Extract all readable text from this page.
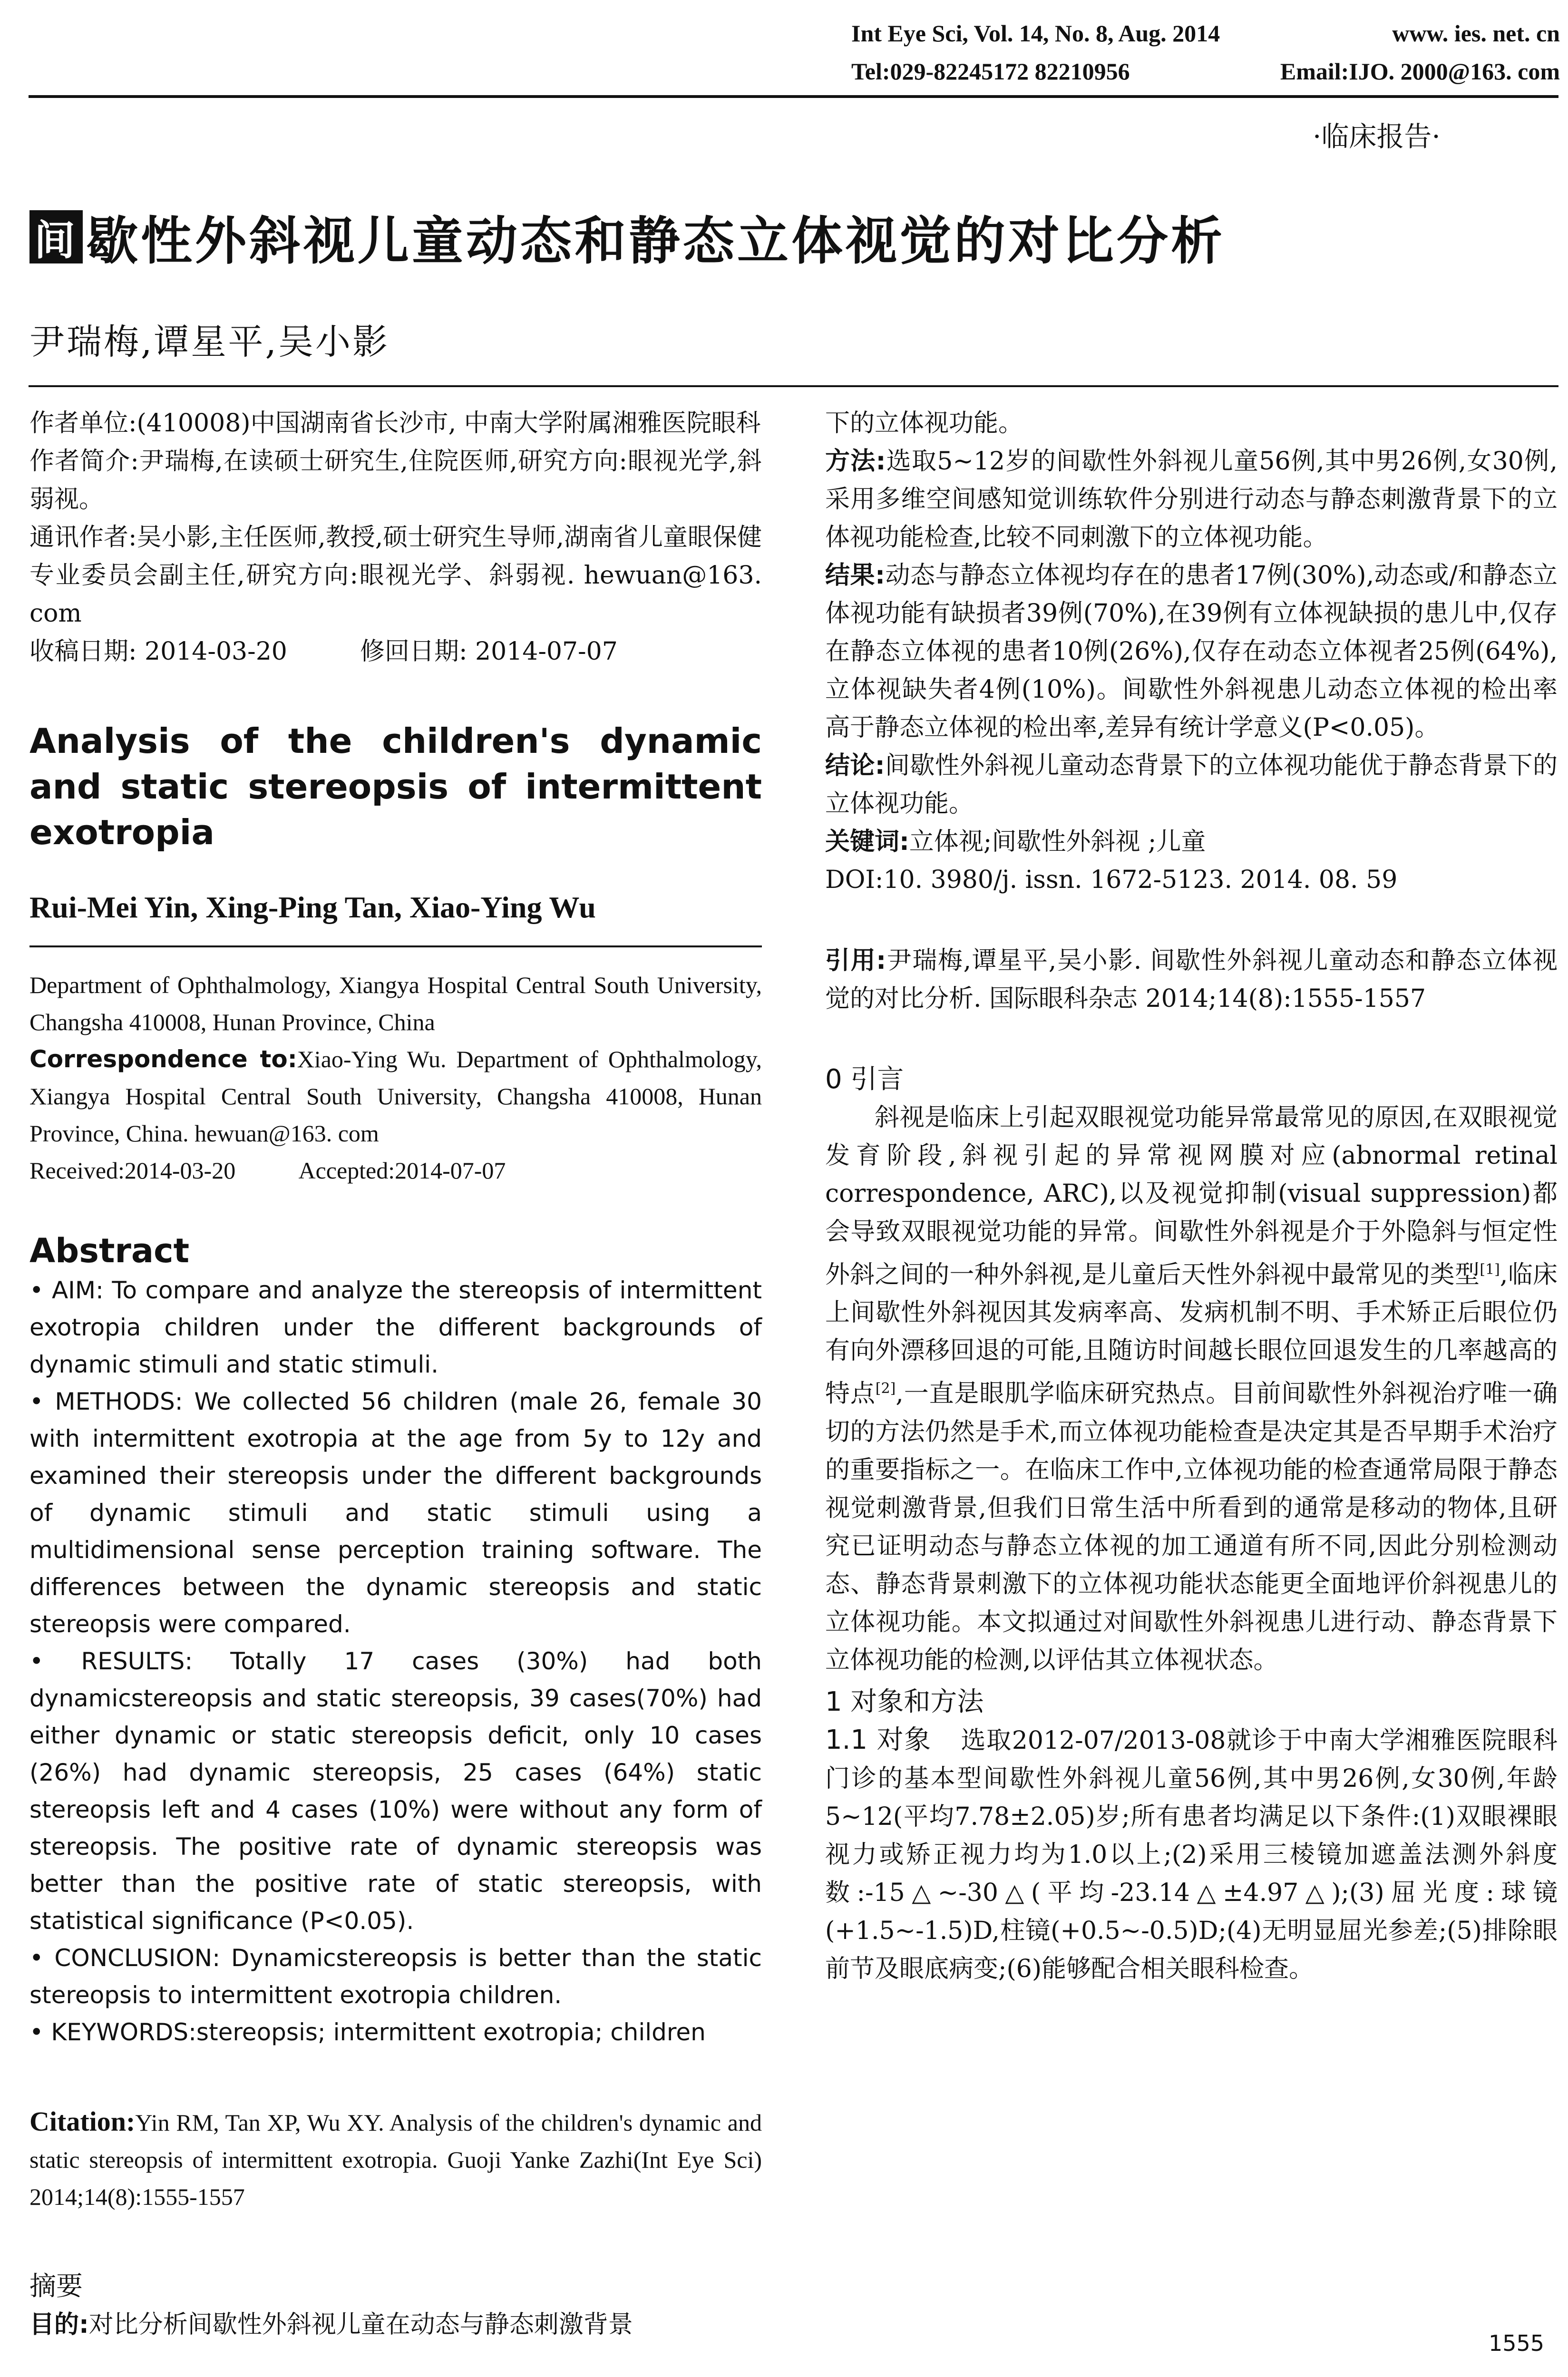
Int Eye Sci, Vol. 14, No. 8, Aug. 2014	www. ies. net. cn
Tel:029-82245172 82210956	Email:IJO. 2000@163. com
·临床报告·
间 歇性外斜视儿童动态和静态立体视觉的对比分析
尹瑞梅,谭星平,吴小影

作者单位:(410008)中国湖南省长沙市, 中南大学附属湘雅医院眼科

作者简介:尹瑞梅,在读硕士研究生,住院医师,研究方向:眼视光学,斜弱视。

通讯作者:吴小影,主任医师,教授,硕士研究生导师,湖南省儿童眼保健专业委员会副主任,研究方向:眼视光学、斜弱视. hewuan@163. com

收稿日期: 2014-03-20	修回日期: 2014-07-07

Analysis of the children's dynamic and static stereopsis of intermittent exotropia
Rui-Mei Yin, Xing-Ping Tan, Xiao-Ying Wu

Department of Ophthalmology, Xiangya Hospital Central South University, Changsha 410008, Hunan Province, China

Correspondence to:Xiao-Ying Wu. Department of Ophthalmology, Xiangya Hospital Central South University, Changsha 410008, Hunan Province, China. hewuan@163. com

Received:2014-03-20	Accepted:2014-07-07

Abstract

• AIM: To compare and analyze the stereopsis of intermittent exotropia children under the different backgrounds of dynamic stimuli and static stimuli.

• METHODS: We collected 56 children (male 26, female 30 with intermittent exotropia at the age from 5y to 12y and examined their stereopsis under the different backgrounds of dynamic stimuli and static stimuli using a multidimensional sense perception training software. The differences between the dynamic stereopsis and static stereopsis were compared.

• RESULTS: Totally 17 cases (30%) had both dynamicstereopsis and static stereopsis, 39 cases(70%) had either dynamic or static stereopsis deficit, only 10 cases (26%) had dynamic stereopsis, 25 cases (64%) static stereopsis left and 4 cases (10%) were without any form of stereopsis. The positive rate of dynamic stereopsis was better than the positive rate of static stereopsis, with statistical significance (P<0.05).

• CONCLUSION: Dynamicstereopsis is better than the static stereopsis to intermittent exotropia children.

• KEYWORDS:stereopsis; intermittent exotropia; children

Citation:Yin RM, Tan XP, Wu XY. Analysis of the children's dynamic and static stereopsis of intermittent exotropia. Guoji Yanke Zazhi(Int Eye Sci) 2014;14(8):1555-1557
摘要

目的:对比分析间歇性外斜视儿童在动态与静态刺激背景

下的立体视功能。

方法:选取5~12岁的间歇性外斜视儿童56例,其中男26例,女30例,采用多维空间感知觉训练软件分别进行动态与静态刺激背景下的立体视功能检查,比较不同刺激下的立体视功能。

结果:动态与静态立体视均存在的患者17例(30%),动态或/和静态立体视功能有缺损者39例(70%),在39例有立体视缺损的患儿中,仅存在静态立体视的患者10例(26%),仅存在动态立体视者25例(64%),立体视缺失者4例(10%)。间歇性外斜视患儿动态立体视的检出率高于静态立体视的检出率,差异有统计学意义(P<0.05)。

结论:间歇性外斜视儿童动态背景下的立体视功能优于静态背景下的立体视功能。

关键词:立体视;间歇性外斜视 ;儿童

DOI:10. 3980/j. issn. 1672-5123. 2014. 08. 59

引用:尹瑞梅,谭星平,吴小影. 间歇性外斜视儿童动态和静态立体视觉的对比分析. 国际眼科杂志 2014;14(8):1555-1557

0 引言

斜视是临床上引起双眼视觉功能异常最常见的原因,在双眼视觉发育阶段,斜视引起的异常视网膜对应(abnormal retinal correspondence, ARC),以及视觉抑制(visual suppression)都会导致双眼视觉功能的异常。间歇性外斜视是介于外隐斜与恒定性外斜之间的一种外斜视,是儿童后天性外斜视中最常见的类型[1],临床上间歇性外斜视因其发病率高、发病机制不明、手术矫正后眼位仍有向外漂移回退的可能,且随访时间越长眼位回退发生的几率越高的特点[2],一直是眼肌学临床研究热点。目前间歇性外斜视治疗唯一确切的方法仍然是手术,而立体视功能检查是决定其是否早期手术治疗的重要指标之一。在临床工作中,立体视功能的检查通常局限于静态视觉刺激背景,但我们日常生活中所看到的通常是移动的物体,且研究已证明动态与静态立体视的加工通道有所不同,因此分别检测动态、静态背景刺激下的立体视功能状态能更全面地评价斜视患儿的立体视功能。本文拟通过对间歇性外斜视患儿进行动、静态背景下立体视功能的检测,以评估其立体视状态。

1 对象和方法

1.1 对象 选取2012-07/2013-08就诊于中南大学湘雅医院眼科门诊的基本型间歇性外斜视儿童56例,其中男26例,女30例,年龄5~12(平均7.78±2.05)岁;所有患者均满足以下条件:(1)双眼裸眼视力或矫正视力均为1.0以上;(2)采用三棱镜加遮盖法测外斜度数:-15△~-30△(平均-23.14△±4.97△);(3)屈光度:球镜(+1.5~-1.5)D,柱镜(+0.5~-0.5)D;(4)无明显屈光参差;(5)排除眼前节及眼底病变;(6)能够配合相关眼科检查。

1555
